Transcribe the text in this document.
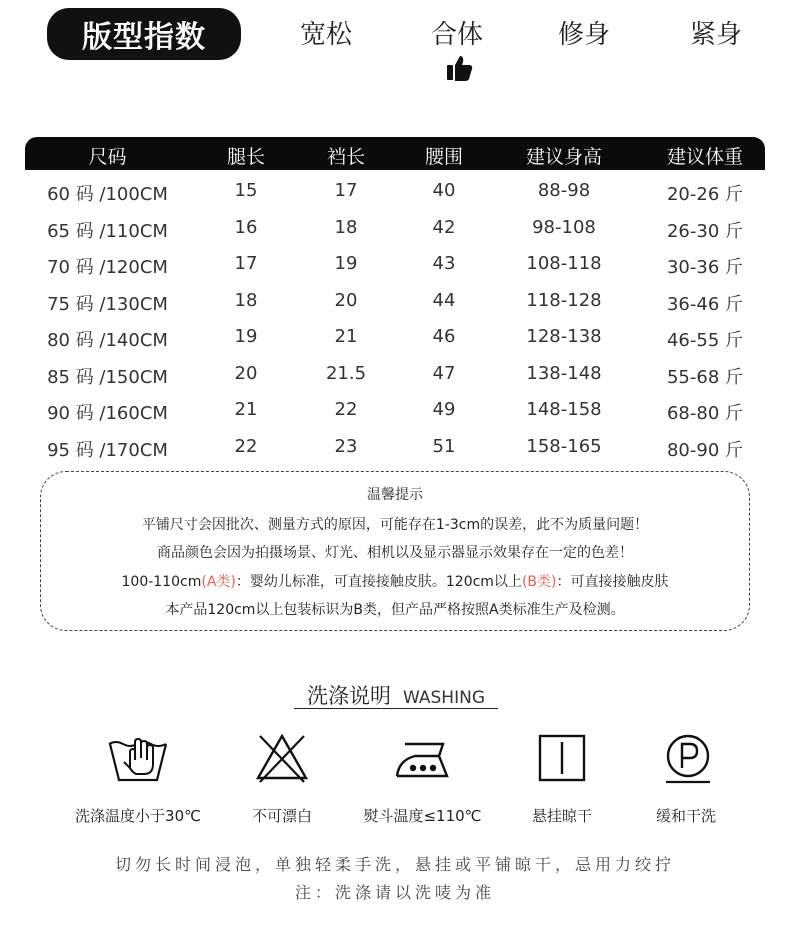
版型指数	宽松	合体	修身	紧身
尺码	腿长	裆长	腰围	建议身高	建议体重
60 码 /100CM	15	17	40	88-98	20-26 斤
65 码 /110CM	16	18	42	98-108	26-30 斤
70 码 /120CM	17	19	43	108-118	30-36 斤
75 码 /130CM	18	20	44	118-128	36-46 斤
80 码 /140CM	19	21	46	128-138	46-55 斤
85 码 /150CM	20	21.5	47	138-148	55-68 斤
90 码 /160CM	21	22	49	148-158	68-80 斤
95 码 /170CM	22	23	51	158-165	80-90 斤
温馨提示
平铺尺寸会因批次、测量方式的原因，可能存在1-3cm的误差，此不为质量问题！
商品颜色会因为拍摄场景、灯光、相机以及显示器显示效果存在一定的色差！
100-110cm(A类)：婴幼儿标准，可直接接触皮肤。120cm以上(B类)：可直接接触皮肤
本产品120cm以上包装标识为B类，但产品严格按照A类标准生产及检测。
洗涤说明 WASHING
洗涤温度小于30℃	不可漂白	熨斗温度≤110℃	悬挂晾干	缓和干洗
切勿长时间浸泡，单独轻柔手洗，悬挂或平铺晾干，忌用力绞拧
注：洗涤请以洗唛为准
